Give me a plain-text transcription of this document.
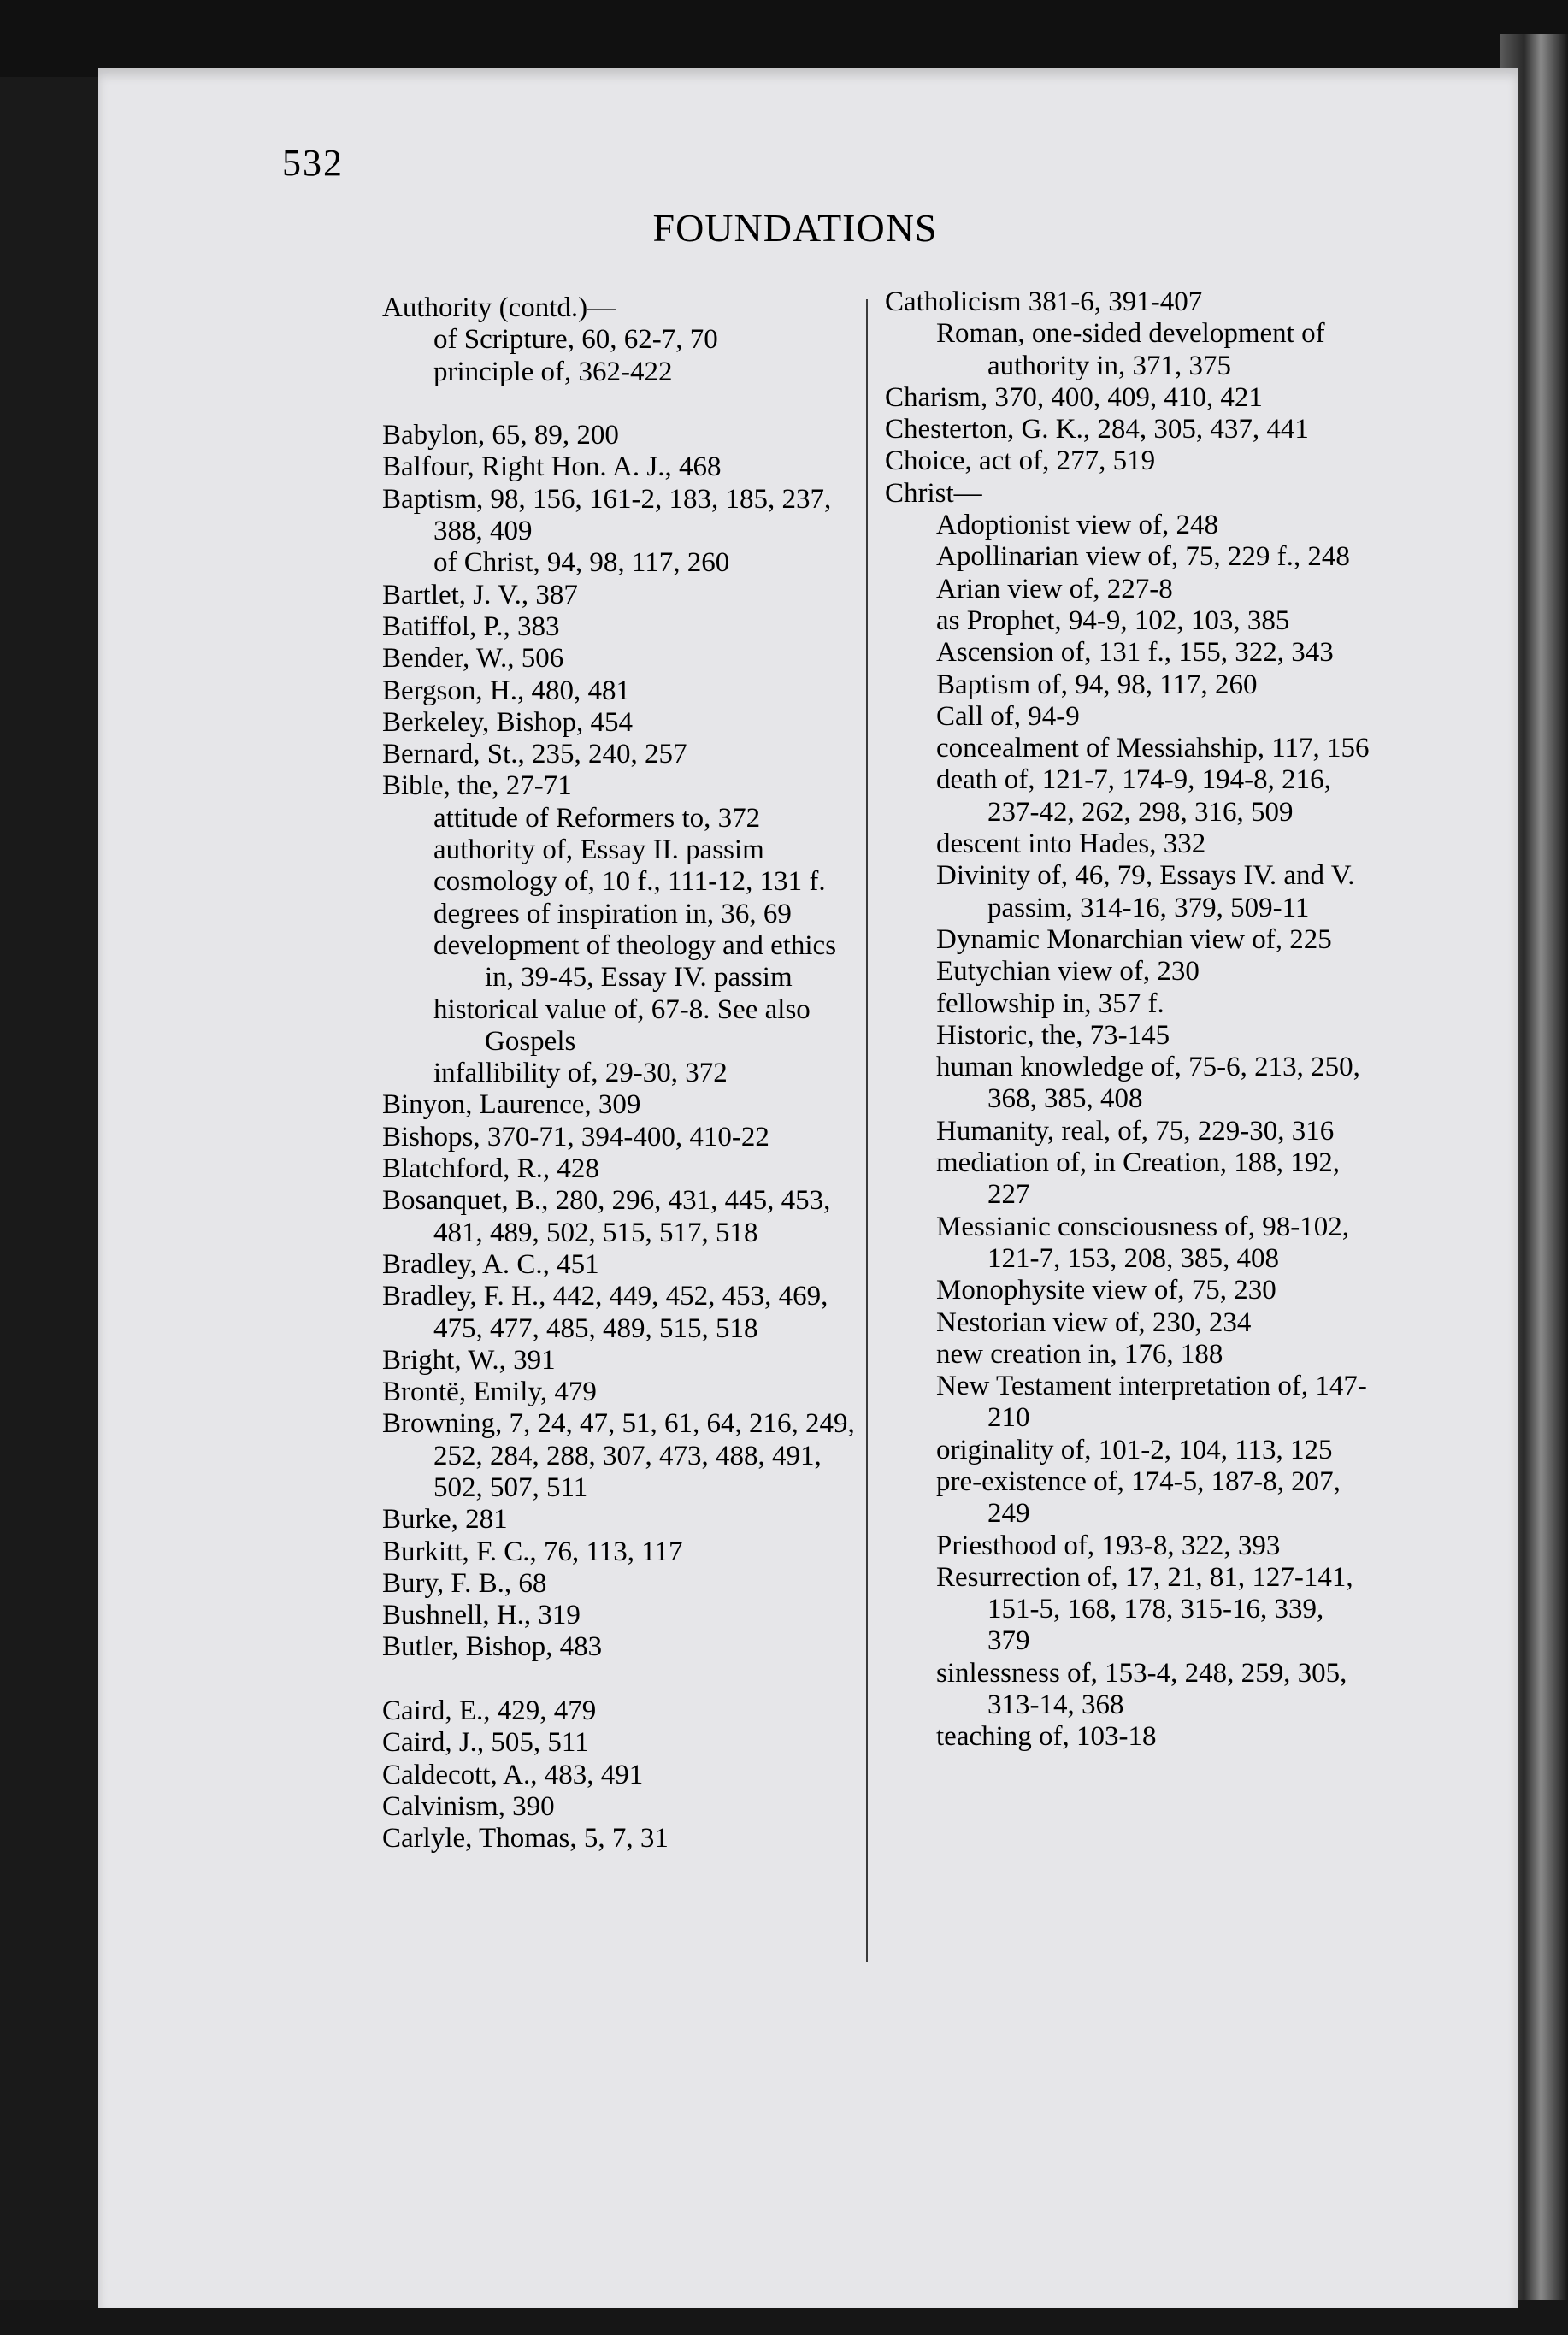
532
FOUNDATIONS
Authority (contd.)—
of Scripture, 60, 62-7, 70
principle of, 362-422
Babylon, 65, 89, 200
Balfour, Right Hon. A. J., 468
Baptism, 98, 156, 161-2, 183, 185, 237, 388, 409
of Christ, 94, 98, 117, 260
Bartlet, J. V., 387
Batiffol, P., 383
Bender, W., 506
Bergson, H., 480, 481
Berkeley, Bishop, 454
Bernard, St., 235, 240, 257
Bible, the, 27-71
attitude of Reformers to, 372
authority of, Essay II. passim
cosmology of, 10 f., 111-12, 131 f.
degrees of inspiration in, 36, 69
development of theology and ethics in, 39-45, Essay IV. passim
historical value of, 67-8. See also Gospels
infallibility of, 29-30, 372
Binyon, Laurence, 309
Bishops, 370-71, 394-400, 410-22
Blatchford, R., 428
Bosanquet, B., 280, 296, 431, 445, 453, 481, 489, 502, 515, 517, 518
Bradley, A. C., 451
Bradley, F. H., 442, 449, 452, 453, 469, 475, 477, 485, 489, 515, 518
Bright, W., 391
Brontë, Emily, 479
Browning, 7, 24, 47, 51, 61, 64, 216, 249, 252, 284, 288, 307, 473, 488, 491, 502, 507, 511
Burke, 281
Burkitt, F. C., 76, 113, 117
Bury, F. B., 68
Bushnell, H., 319
Butler, Bishop, 483
Caird, E., 429, 479
Caird, J., 505, 511
Caldecott, A., 483, 491
Calvinism, 390
Carlyle, Thomas, 5, 7, 31
Catholicism 381-6, 391-407
Roman, one-sided development of authority in, 371, 375
Charism, 370, 400, 409, 410, 421
Chesterton, G. K., 284, 305, 437, 441
Choice, act of, 277, 519
Christ—
Adoptionist view of, 248
Apollinarian view of, 75, 229 f., 248
Arian view of, 227-8
as Prophet, 94-9, 102, 103, 385
Ascension of, 131 f., 155, 322, 343
Baptism of, 94, 98, 117, 260
Call of, 94-9
concealment of Messiahship, 117, 156
death of, 121-7, 174-9, 194-8, 216, 237-42, 262, 298, 316, 509
descent into Hades, 332
Divinity of, 46, 79, Essays IV. and V. passim, 314-16, 379, 509-11
Dynamic Monarchian view of, 225
Eutychian view of, 230
fellowship in, 357 f.
Historic, the, 73-145
human knowledge of, 75-6, 213, 250, 368, 385, 408
Humanity, real, of, 75, 229-30, 316
mediation of, in Creation, 188, 192, 227
Messianic consciousness of, 98-102, 121-7, 153, 208, 385, 408
Monophysite view of, 75, 230
Nestorian view of, 230, 234
new creation in, 176, 188
New Testament interpretation of, 147-210
originality of, 101-2, 104, 113, 125
pre-existence of, 174-5, 187-8, 207, 249
Priesthood of, 193-8, 322, 393
Resurrection of, 17, 21, 81, 127-141, 151-5, 168, 178, 315-16, 339, 379
sinlessness of, 153-4, 248, 259, 305, 313-14, 368
teaching of, 103-18
